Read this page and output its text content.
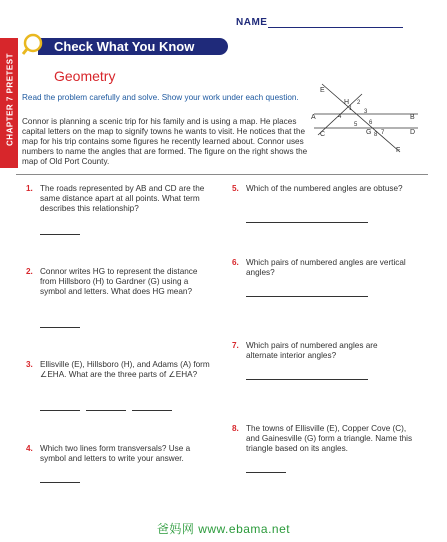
NAME
CHAPTER 7 PRETEST
Check What You Know
Geometry
Read the problem carefully and solve. Show your work under each question.
Connor is planning a scenic trip for his family and is using a map. He places capital letters on the map to signify towns he wants to visit. He notices that the map for his trip contains some figures he recently learned about. Connor uses numbers to name the angles that are formed. The figure on the right shows the map of Old Port County.
E
H
A	B
C	G	D
F
1
2
3
4
5 6
7
8
1. The roads represented by AB and CD are the same distance apart at all points. What term describes this relationship?
2. Connor writes HG to represent the distance from Hillsboro (H) to Gardner (G) using a symbol and letters. What does HG mean?
3. Ellisville (E), Hillsboro (H), and Adams (A) form ∠EHA. What are the three parts of ∠EHA?
4. Which two lines form transversals? Use a symbol and letters to write your answer.
5. Which of the numbered angles are obtuse?
6. Which pairs of numbered angles are vertical angles?
7. Which pairs of numbered angles are alternate interior angles?
8. The towns of Ellisville (E), Copper Cove (C), and Gainesville (G) form a triangle. Name this triangle based on its angles.
爸妈网 www.ebama.net
